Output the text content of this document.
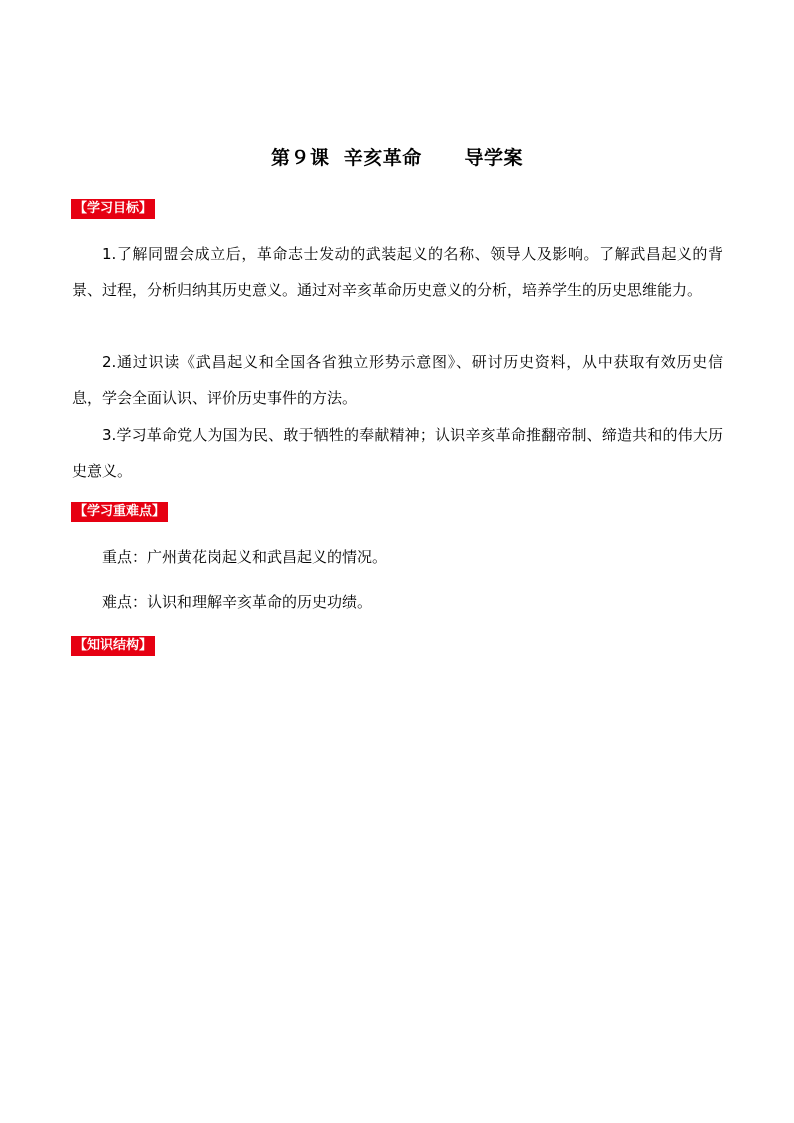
第９课  辛亥革命      导学案
【学习目标】
1.了解同盟会成立后，革命志士发动的武装起义的名称、领导人及影响。了解武昌起义的背景、过程，分析归纳其历史意义。通过对辛亥革命历史意义的分析，培养学生的历史思维能力。
2.通过识读《武昌起义和全国各省独立形势示意图》、研讨历史资料，从中获取有效历史信息，学会全面认识、评价历史事件的方法。
3.学习革命党人为国为民、敢于牺牲的奉献精神；认识辛亥革命推翻帝制、缔造共和的伟大历史意义。
【学习重难点】
重点：广州黄花岗起义和武昌起义的情况。
难点：认识和理解辛亥革命的历史功绩。
【知识结构】
